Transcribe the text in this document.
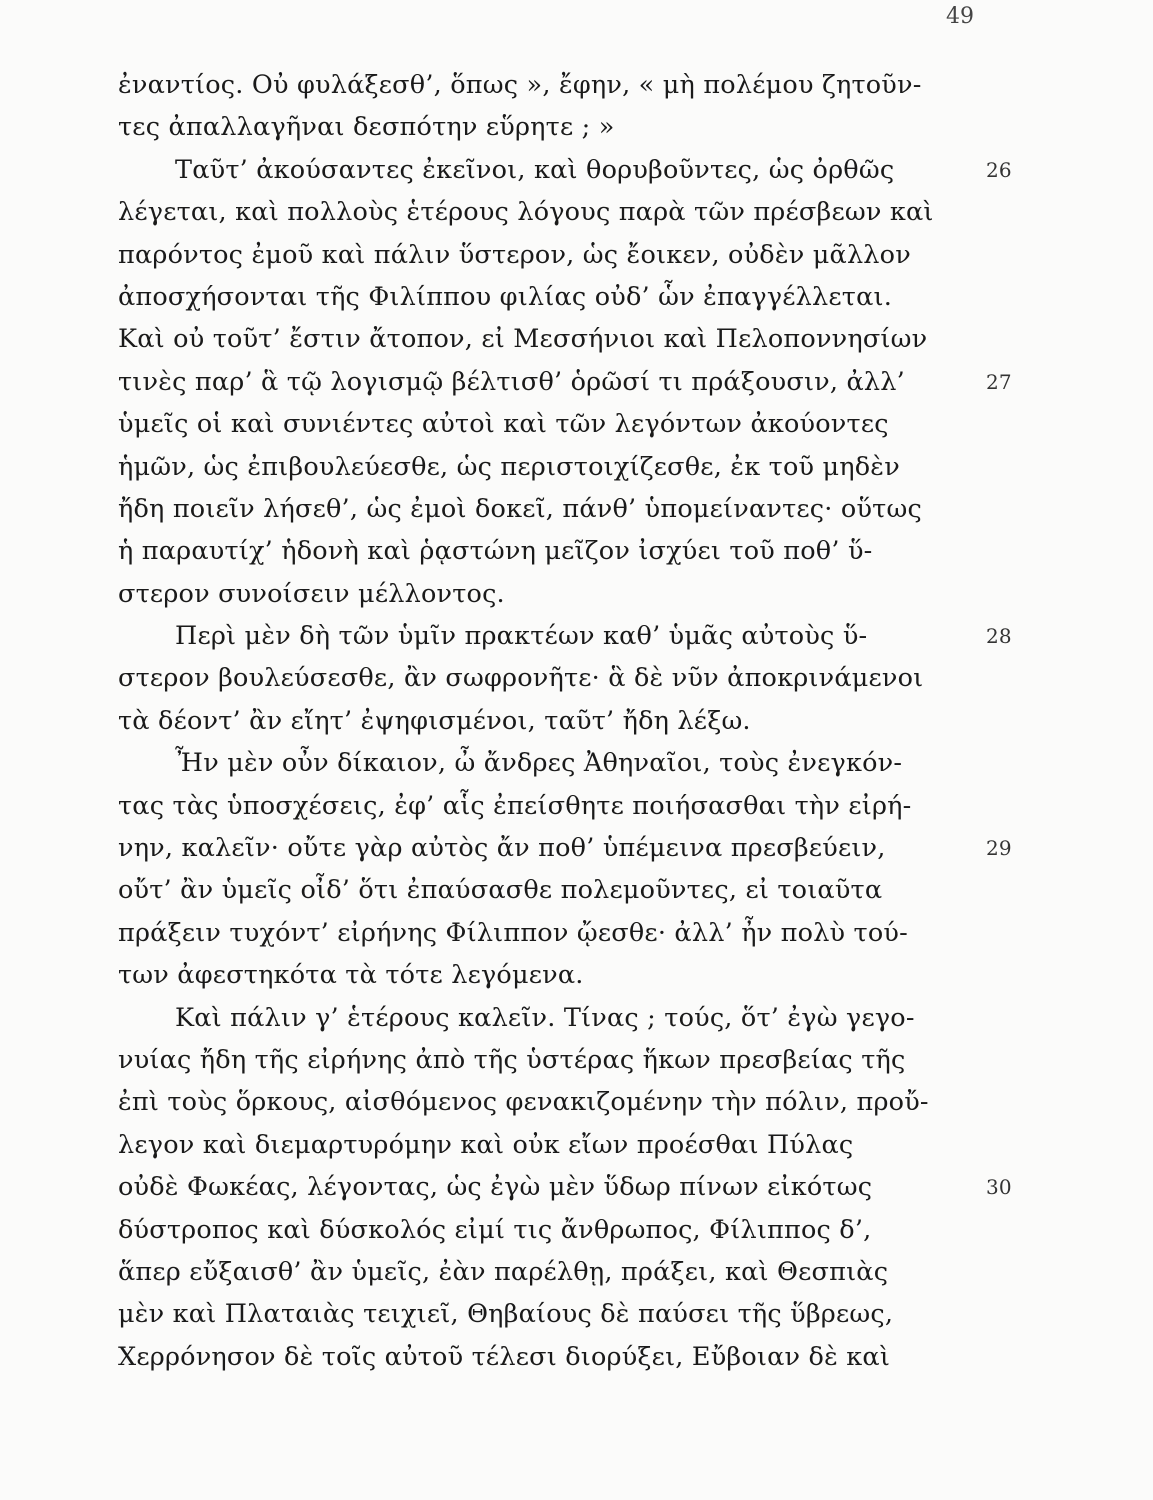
49
ἐναντίος. Οὐ φυλάξεσθ’, ὅπως », ἔφην, « μὴ πολέμου ζητοῦν-
τες ἀπαλλαγῆναι δεσπότην εὕρητε ; »
Ταῦτ’ ἀκούσαντες ἐκεῖνοι, καὶ θορυβοῦντες, ὡς ὀρθῶς	26
λέγεται, καὶ πολλοὺς ἑτέρους λόγους παρὰ τῶν πρέσβεων καὶ
παρόντος ἐμοῦ καὶ πάλιν ὕστερον, ὡς ἔοικεν, οὐδὲν μᾶλλον
ἀποσχήσονται τῆς Φιλίππου φιλίας οὐδ’ ὧν ἐπαγγέλλεται.
Καὶ οὐ τοῦτ’ ἔστιν ἄτοπον, εἰ Μεσσήνιοι καὶ Πελοποννησίων
τινὲς παρ’ ἃ τῷ λογισμῷ βέλτισθ’ ὁρῶσί τι πράξουσιν, ἀλλ’	27
ὑμεῖς οἱ καὶ συνιέντες αὐτοὶ καὶ τῶν λεγόντων ἀκούοντες
ἡμῶν, ὡς ἐπιβουλεύεσθε, ὡς περιστοιχίζεσθε, ἐκ τοῦ μηδὲν
ἤδη ποιεῖν λήσεθ’, ὡς ἐμοὶ δοκεῖ, πάνθ’ ὑπομείναντες· οὕτως
ἡ παραυτίχ’ ἡδονὴ καὶ ῥᾳστώνη μεῖζον ἰσχύει τοῦ ποθ’ ὕ-
στερον συνοίσειν μέλλοντος.
Περὶ μὲν δὴ τῶν ὑμῖν πρακτέων καθ’ ὑμᾶς αὐτοὺς ὕ-	28
στερον βουλεύσεσθε, ἂν σωφρονῆτε· ἃ δὲ νῦν ἀποκρινάμενοι
τὰ δέοντ’ ἂν εἴητ’ ἐψηφισμένοι, ταῦτ’ ἤδη λέξω.
Ἦν μὲν οὖν δίκαιον, ὦ ἄνδρες Ἀθηναῖοι, τοὺς ἐνεγκόν-
τας τὰς ὑποσχέσεις, ἐφ’ αἷς ἐπείσθητε ποιήσασθαι τὴν εἰρή-
νην, καλεῖν· οὔτε γὰρ αὐτὸς ἄν ποθ’ ὑπέμεινα πρεσβεύειν,	29
οὔτ’ ἂν ὑμεῖς οἶδ’ ὅτι ἐπαύσασθε πολεμοῦντες, εἰ τοιαῦτα
πράξειν τυχόντ’ εἰρήνης Φίλιππον ᾤεσθε· ἀλλ’ ἦν πολὺ τού-
των ἀφεστηκότα τὰ τότε λεγόμενα.
Καὶ πάλιν γ’ ἑτέρους καλεῖν. Τίνας ; τούς, ὅτ’ ἐγὼ γεγο-
νυίας ἤδη τῆς εἰρήνης ἀπὸ τῆς ὑστέρας ἥκων πρεσβείας τῆς
ἐπὶ τοὺς ὅρκους, αἰσθόμενος φενακιζομένην τὴν πόλιν, προὔ-
λεγον καὶ διεμαρτυρόμην καὶ οὐκ εἴων προέσθαι Πύλας
οὐδὲ Φωκέας, λέγοντας, ὡς ἐγὼ μὲν ὕδωρ πίνων εἰκότως	30
δύστροπος καὶ δύσκολός εἰμί τις ἄνθρωπος, Φίλιππος δ’,
ἅπερ εὔξαισθ’ ἂν ὑμεῖς, ἐὰν παρέλθῃ, πράξει, καὶ Θεσπιὰς
μὲν καὶ Πλαταιὰς τειχιεῖ, Θηβαίους δὲ παύσει τῆς ὕβρεως,
Χερρόνησον δὲ τοῖς αὐτοῦ τέλεσι διορύξει, Εὔβοιαν δὲ καὶ
